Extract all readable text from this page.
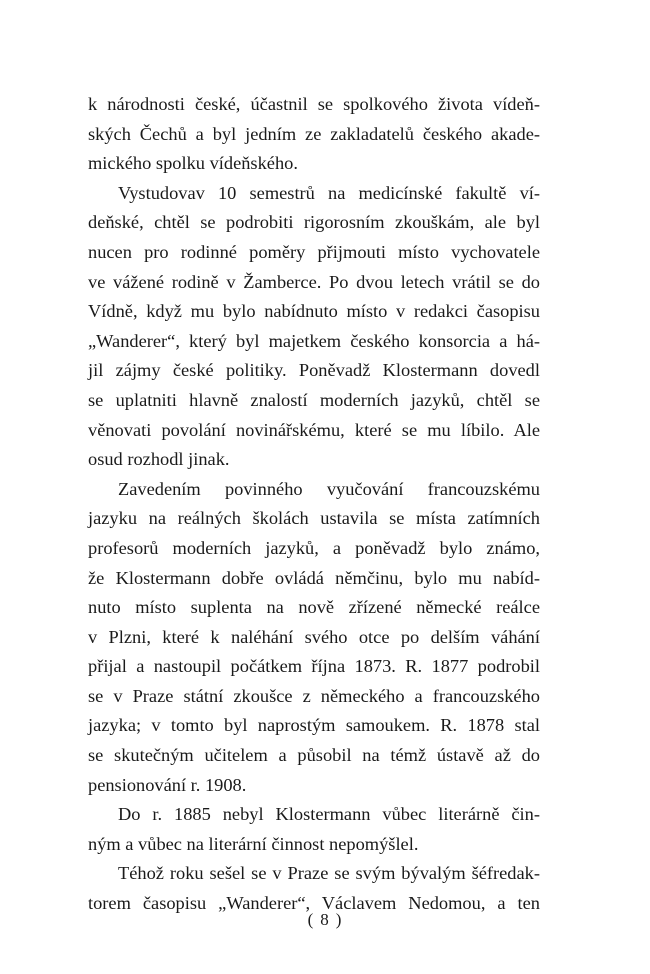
k národnosti české, účastnil se spolkového života vídeň-
ských Čechů a byl jedním ze zakladatelů českého akade-
mického spolku vídeňského.
Vystudovav 10 semestrů na medicínské fakultě ví-
deňské, chtěl se podrobiti rigorosním zkouškám, ale byl
nucen pro rodinné poměry přijmouti místo vychovatele
ve vážené rodině v Žamberce. Po dvou letech vrátil se do
Vídně, když mu bylo nabídnuto místo v redakci časopisu
„Wanderer“, který byl majetkem českého konsorcia a há-
jil zájmy české politiky. Poněvadž Klostermann dovedl
se uplatniti hlavně znalostí moderních jazyků, chtěl se
věnovati povolání novinářskému, které se mu líbilo. Ale
osud rozhodl jinak.
Zavedením povinného vyučování francouzskému
jazyku na reálných školách ustavila se místa zatímních
profesorů moderních jazyků, a poněvadž bylo známo,
že Klostermann dobře ovládá němčinu, bylo mu nabíd-
nuto místo suplenta na nově zřízené německé reálce
v Plzni, které k naléhání svého otce po delším váhání
přijal a nastoupil počátkem října 1873. R. 1877 podrobil
se v Praze státní zkoušce z německého a francouzského
jazyka; v tomto byl naprostým samoukem. R. 1878 stal
se skutečným učitelem a působil na témž ústavě až do
pensionování r. 1908.
Do r. 1885 nebyl Klostermann vůbec literárně čin-
ným a vůbec na literární činnost nepomýšlel.
Téhož roku sešel se v Praze se svým bývalým šéfredak-
torem časopisu „Wanderer“, Václavem Nedomou, a ten
( 8 )
